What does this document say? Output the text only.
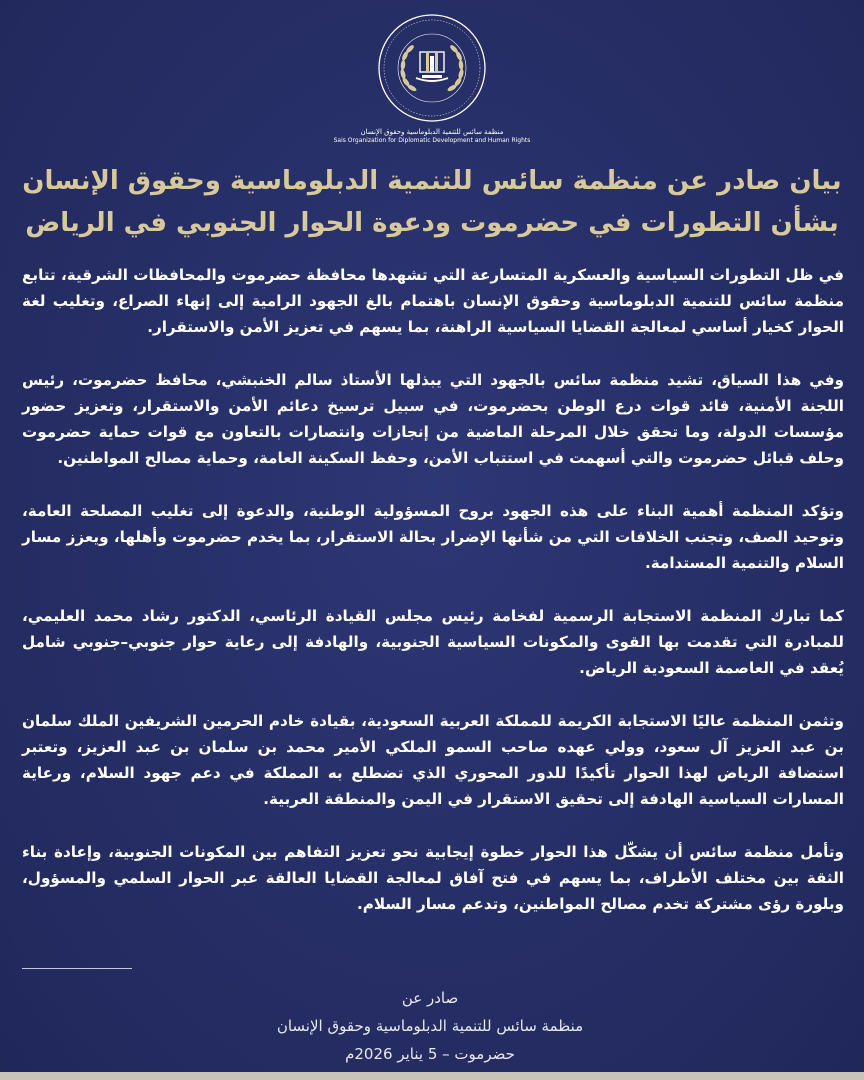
منظمة سائس للتنمية الدبلوماسية وحقوق الإنسان
Sais Organization for Diplomatic Development and Human Rights
بيان صادر عن منظمة سائس للتنمية الدبلوماسية وحقوق الإنسان
بشأن التطورات في حضرموت ودعوة الحوار الجنوبي في الرياض

في ظل التطورات السياسية والعسكرية المتسارعة التي تشهدها محافظة حضرموت والمحافظات الشرقية، تتابع منظمة سائس للتنمية الدبلوماسية وحقوق الإنسان باهتمام بالغ الجهود الرامية إلى إنهاء الصراع، وتغليب لغة الحوار كخيار أساسي لمعالجة القضايا السياسية الراهنة، بما يسهم في تعزيز الأمن والاستقرار.

وفي هذا السياق، تشيد منظمة سائس بالجهود التي يبذلها الأستاذ سالم الخنبشي، محافظ حضرموت، رئيس اللجنة الأمنية، قائد قوات درع الوطن بحضرموت، في سبيل ترسيخ دعائم الأمن والاستقرار، وتعزيز حضور مؤسسات الدولة، وما تحقق خلال المرحلة الماضية من إنجازات وانتصارات بالتعاون مع قوات حماية حضرموت وحلف قبائل حضرموت والتي أسهمت في استتباب الأمن، وحفظ السكينة العامة، وحماية مصالح المواطنين.

وتؤكد المنظمة أهمية البناء على هذه الجهود بروح المسؤولية الوطنية، والدعوة إلى تغليب المصلحة العامة، وتوحيد الصف، وتجنب الخلافات التي من شأنها الإضرار بحالة الاستقرار، بما يخدم حضرموت وأهلها، ويعزز مسار السلام والتنمية المستدامة.

كما تبارك المنظمة الاستجابة الرسمية لفخامة رئيس مجلس القيادة الرئاسي، الدكتور رشاد محمد العليمي، للمبادرة التي تقدمت بها القوى والمكونات السياسية الجنوبية، والهادفة إلى رعاية حوار جنوبي–جنوبي شامل يُعقد في العاصمة السعودية الرياض.

وتثمن المنظمة عاليًا الاستجابة الكريمة للمملكة العربية السعودية، بقيادة خادم الحرمين الشريفين الملك سلمان بن عبد العزيز آل سعود، وولي عهده صاحب السمو الملكي الأمير محمد بن سلمان بن عبد العزيز، وتعتبر استضافة الرياض لهذا الحوار تأكيدًا للدور المحوري الذي تضطلع به المملكة في دعم جهود السلام، ورعاية المسارات السياسية الهادفة إلى تحقيق الاستقرار في اليمن والمنطقة العربية.

وتأمل منظمة سائس أن يشكّل هذا الحوار خطوة إيجابية نحو تعزيز التفاهم بين المكونات الجنوبية، وإعادة بناء الثقة بين مختلف الأطراف، بما يسهم في فتح آفاق لمعالجة القضايا العالقة عبر الحوار السلمي والمسؤول، وبلورة رؤى مشتركة تخدم مصالح المواطنين، وتدعم مسار السلام.

صادر عن
منظمة سائس للتنمية الدبلوماسية وحقوق الإنسان
حضرموت – 5 يناير 2026م
